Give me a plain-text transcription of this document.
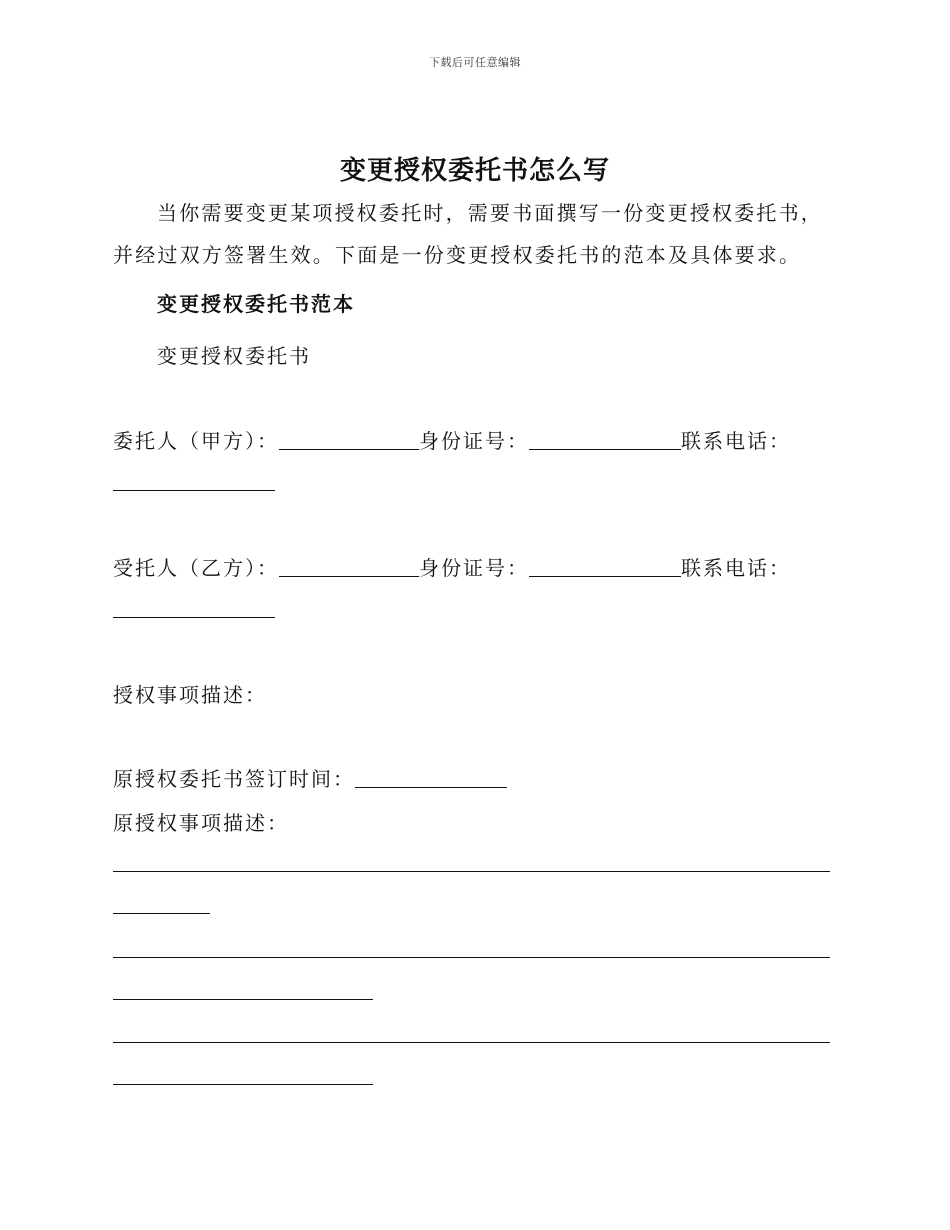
下载后可任意编辑
变更授权委托书怎么写

当你需要变更某项授权委托时，需要书面撰写一份变更授权委托书，并经过双方签署生效。下面是一份变更授权委托书的范本及具体要求。

变更授权委托书范本
变更授权委托书
委托人（甲方）：	身份证号：	联系电话：
受托人（乙方）：	身份证号：	联系电话：
授权事项描述：
原授权委托书签订时间：
原授权事项描述：
